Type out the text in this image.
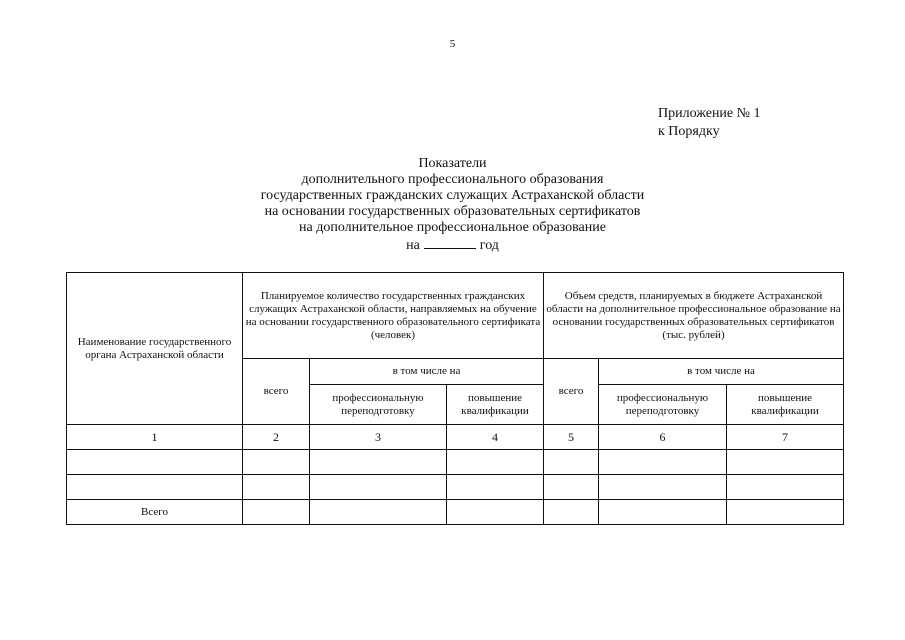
5
Приложение № 1
к Порядку
Показатели
дополнительного профессионального образования
государственных гражданских служащих Астраханской области
на основании государственных образовательных сертификатов
на дополнительное профессиональное образование
на	год
Наименование государственного органа Астраханской области	Планируемое количество государственных гражданских служащих Астраханской области, направляемых на обучение на основании государственного образовательного сертификата (человек)			Объем средств, планируемых в бюджете Астраханской области на дополнительное профессиональное образование на основании государственных образовательных сертификатов (тыс. рублей)		
	всего	в том числе на		всего	в том числе на	
		профессиональную переподготовку	повышение квалификации		профессиональную переподготовку	повышение квалификации
1	2	3	4	5	6	7

Всего						
